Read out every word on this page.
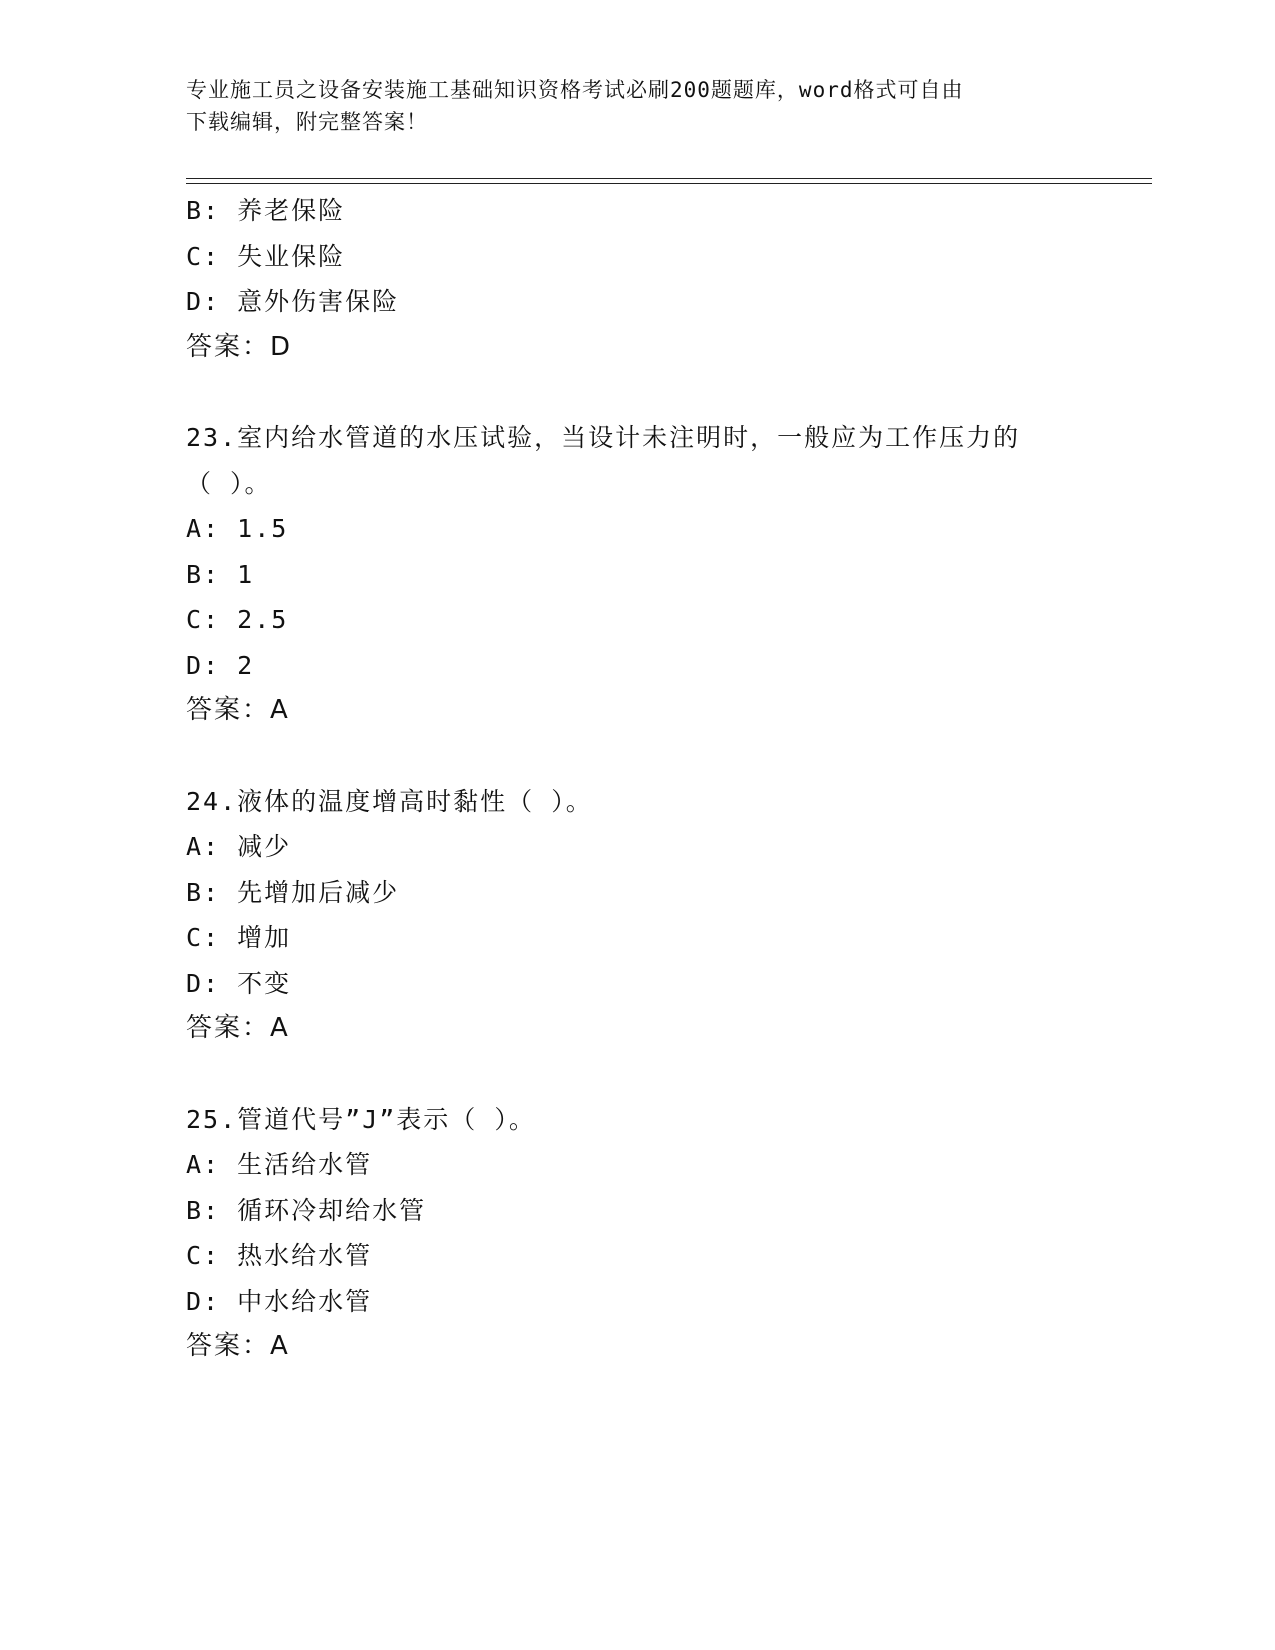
专业施工员之设备安装施工基础知识资格考试必刷200题题库，word格式可自由
下载编辑，附完整答案！
B: 养老保险
C: 失业保险
D: 意外伤害保险
答案：D
23.室内给水管道的水压试验，当设计未注明时，一般应为工作压力的
（ ）。
A: 1.5
B: 1
C: 2.5
D: 2
答案：A
24.液体的温度增高时黏性（ ）。
A: 减少
B: 先增加后减少
C: 增加
D: 不变
答案：A
25.管道代号”J”表示（ ）。
A: 生活给水管
B: 循环冷却给水管
C: 热水给水管
D: 中水给水管
答案：A
